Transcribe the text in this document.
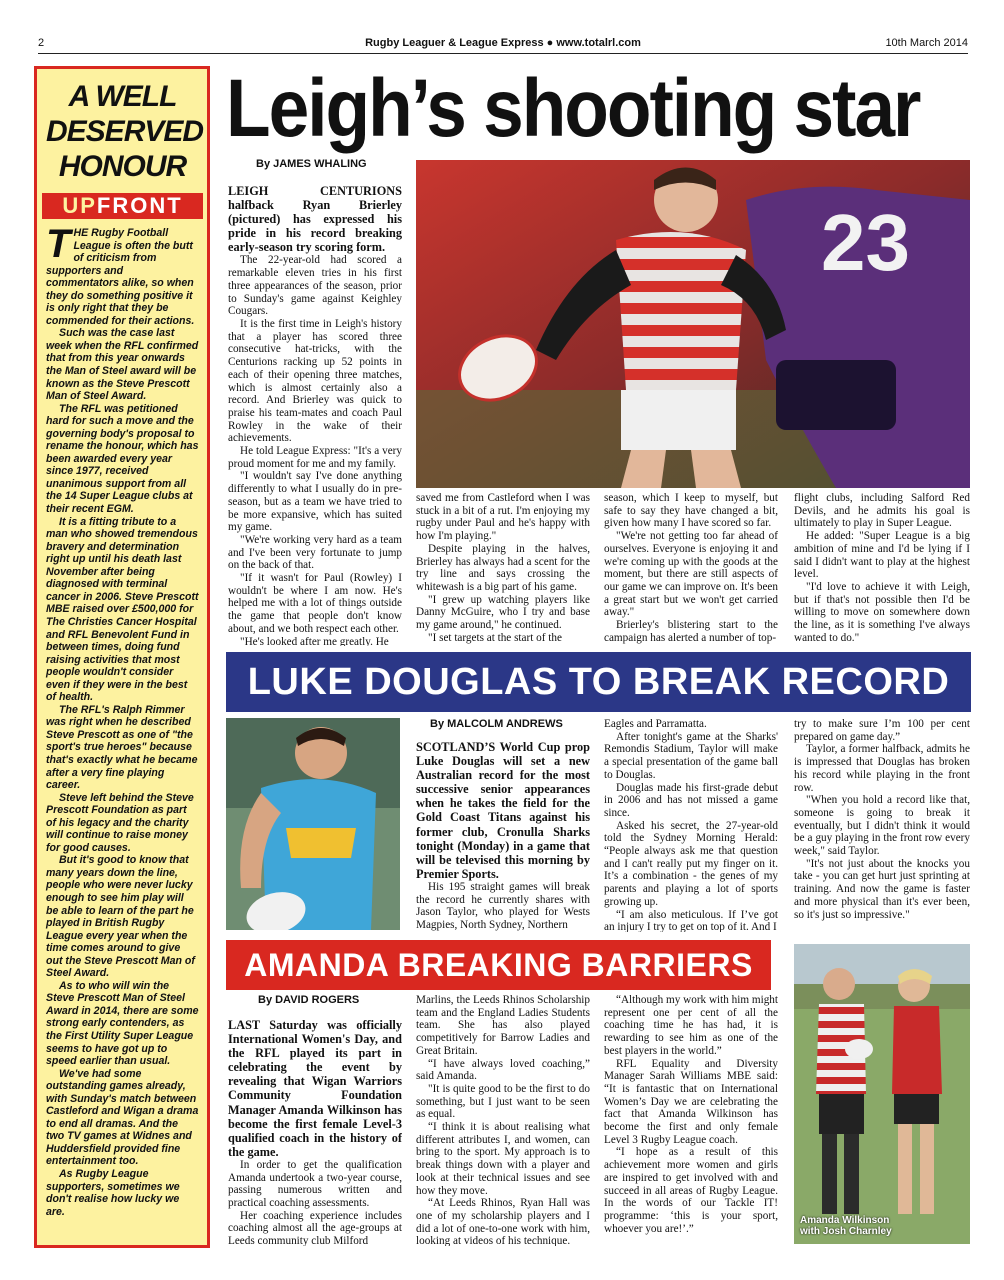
2	Rugby Leaguer & League Express ● www.totalrl.com	10th March 2014
A WELL
DESERVED
HONOUR
UPFRONT

THE Rugby Football League is often the butt of criticism from supporters and commentators alike, so when they do something positive it is only right that they be commended for their actions.

Such was the case last week when the RFL confirmed that from this year onwards the Man of Steel award will be known as the Steve Prescott Man of Steel Award.

The RFL was petitioned hard for such a move and the governing body's proposal to rename the honour, which has been awarded every year since 1977, received unanimous support from all the 14 Super League clubs at their recent EGM.

It is a fitting tribute to a man who showed tremendous bravery and determination right up until his death last November after being diagnosed with terminal cancer in 2006. Steve Prescott MBE raised over £500,000 for The Christies Cancer Hospital and RFL Benevolent Fund in between times, doing fund raising activities that most people wouldn't consider even if they were in the best of health.

The RFL's Ralph Rimmer was right when he described Steve Prescott as one of "the sport's true heroes" because that's exactly what he became after a very fine playing career.

Steve left behind the Steve Prescott Foundation as part of his legacy and the charity will continue to raise money for good causes.

But it's good to know that many years down the line, people who were never lucky enough to see him play will be able to learn of the part he played in British Rugby League every year when the time comes around to give out the Steve Prescott Man of Steel Award.

As to who will win the Steve Prescott Man of Steel Award in 2014, there are some strong early contenders, as the First Utility Super League seems to have got up to speed earlier than usual.

We've had some outstanding games already, with Sunday's match between Castleford and Wigan a drama to end all dramas. And the two TV games at Widnes and Huddersfield provided fine entertainment too.

As Rugby League supporters, sometimes we don't realise how lucky we are.

Leigh’s shooting star
By JAMES WHALING

LEIGH CENTURIONS halfback Ryan Brierley (pictured) has expressed his pride in his record breaking early-season try scoring form.

The 22-year-old had scored a remarkable eleven tries in his first three appearances of the season, prior to Sunday's game against Keighley Cougars.

It is the first time in Leigh's history that a player has scored three consecutive hat-tricks, with the Centurions racking up 52 points in each of their opening three matches, which is almost certainly also a record. And Brierley was quick to praise his team-mates and coach Paul Rowley in the wake of their achievements.

He told League Express: "It's a very proud moment for me and my family.

"I wouldn't say I've done anything differently to what I usually do in pre-season, but as a team we have tried to be more expansive, which has suited my game.

"We're working very hard as a team and I've been very fortunate to jump on the back of that.

"If it wasn't for Paul (Rowley) I wouldn't be where I am now. He's helped me with a lot of things outside the game that people don't know about, and we both respect each other.

"He's looked after me greatly. He

23

saved me from Castleford when I was stuck in a bit of a rut. I'm enjoying my rugby under Paul and he's happy with how I'm playing."

Despite playing in the halves, Brierley has always had a scent for the try line and says crossing the whitewash is a big part of his game.

"I grew up watching players like Danny McGuire, who I try and base my game around," he continued.

"I set targets at the start of the

season, which I keep to myself, but safe to say they have changed a bit, given how many I have scored so far.

"We're not getting too far ahead of ourselves. Everyone is enjoying it and we're coming up with the goods at the moment, but there are still aspects of our game we can improve on. It's been a great start but we won't get carried away."

Brierley's blistering start to the campaign has alerted a number of top-

flight clubs, including Salford Red Devils, and he admits his goal is ultimately to play in Super League.

He added: "Super League is a big ambition of mine and I'd be lying if I said I didn't want to play at the highest level.

"I'd love to achieve it with Leigh, but if that's not possible then I'd be willing to move on somewhere down the line, as it is something I've always wanted to do."

LUKE DOUGLAS TO BREAK RECORD
By MALCOLM ANDREWS

SCOTLAND’S World Cup prop Luke Douglas will set a new Australian record for the most successive senior appearances when he takes the field for the Gold Coast Titans against his former club, Cronulla Sharks tonight (Monday) in a game that will be televised this morning by Premier Sports.

His 195 straight games will break the record he currently shares with Jason Taylor, who played for Wests Magpies, North Sydney, Northern

Eagles and Parramatta.

After tonight's game at the Sharks' Remondis Stadium, Taylor will make a special presentation of the game ball to Douglas.

Douglas made his first-grade debut in 2006 and has not missed a game since.

Asked his secret, the 27-year-old told the Sydney Morning Herald: “People always ask me that question and I can't really put my finger on it. It’s a combination - the genes of my parents and playing a lot of sports growing up.

“I am also meticulous. If I’ve got an injury I try to get on top of it. And I

try to make sure I’m 100 per cent prepared on game day.”

Taylor, a former halfback, admits he is impressed that Douglas has broken his record while playing in the front row.

"When you hold a record like that, someone is going to break it eventually, but I didn't think it would be a guy playing in the front row every week," said Taylor.

"It's not just about the knocks you take - you can get hurt just sprinting at training. And now the game is faster and more physical than it's ever been, so it's just so impressive."

AMANDA BREAKING BARRIERS
By DAVID ROGERS

LAST Saturday was officially International Women's Day, and the RFL played its part in celebrating the event by revealing that Wigan Warriors Community Foundation Manager Amanda Wilkinson has become the first female Level-3 qualified coach in the history of the game.

In order to get the qualification Amanda undertook a two-year course, passing numerous written and practical coaching assessments.

Her coaching experience includes coaching almost all the age-groups at Leeds community club Milford

Marlins, the Leeds Rhinos Scholarship team and the England Ladies Students team. She has also played competitively for Barrow Ladies and Great Britain.

“I have always loved coaching,” said Amanda.

"It is quite good to be the first to do something, but I just want to be seen as equal.

“I think it is about realising what different attributes I, and women, can bring to the sport. My approach is to break things down with a player and look at their technical issues and see how they move.

“At Leeds Rhinos, Ryan Hall was one of my scholarship players and I did a lot of one-to-one work with him, looking at videos of his technique.

“Although my work with him might represent one per cent of all the coaching time he has had, it is rewarding to see him as one of the best players in the world.”

RFL Equality and Diversity Manager Sarah Williams MBE said: “It is fantastic that on International Women’s Day we are celebrating the fact that Amanda Wilkinson has become the first and only female Level 3 Rugby League coach.

“I hope as a result of this achievement more women and girls are inspired to get involved with and succeed in all areas of Rugby League. In the words of our Tackle IT! programme: ‘this is your sport, whoever you are!’.”

Amanda Wilkinson
with Josh Charnley
